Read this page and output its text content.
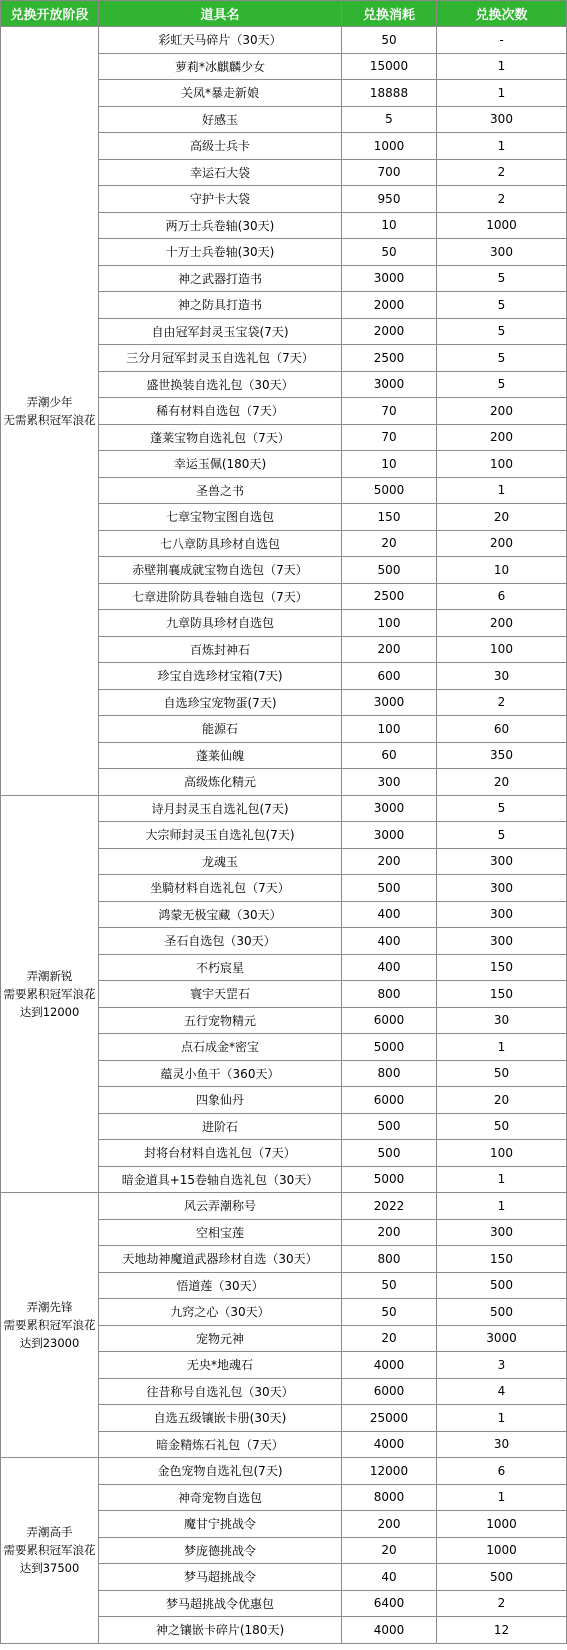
兑换开放阶段	道具名	兑换消耗	兑换次数

弄潮少年
无需累积冠军浪花	彩虹天马碎片（30天）	50	-
	萝莉*冰麒麟少女	15000	1
	关凤*暴走新娘	18888	1
	好感玉	5	300
	高级士兵卡	1000	1
	幸运石大袋	700	2
	守护卡大袋	950	2
	两万士兵卷轴(30天)	10	1000
	十万士兵卷轴(30天)	50	300
	神之武器打造书	3000	5
	神之防具打造书	2000	5
	自由冠军封灵玉宝袋(7天)	2000	5
	三分月冠军封灵玉自选礼包（7天）	2500	5
	盛世换装自选礼包（30天）	3000	5
	稀有材料自选包（7天）	70	200
	蓬莱宝物自选礼包（7天）	70	200
	幸运玉佩(180天)	10	100
	圣兽之书	5000	1
	七章宝物宝图自选包	150	20
	七八章防具珍材自选包	20	200
	赤壁荆襄成就宝物自选包（7天）	500	10
	七章进阶防具卷轴自选包（7天）	2500	6
	九章防具珍材自选包	100	200
	百炼封神石	200	100
	珍宝自选珍材宝箱(7天)	600	30
	自选珍宝宠物蛋(7天)	3000	2
	能源石	100	60
	蓬莱仙魄	60	350
	高级炼化精元	300	20

弄潮新锐
需要累积冠军浪花
达到12000	诗月封灵玉自选礼包(7天)	3000	5
	大宗师封灵玉自选礼包(7天)	3000	5
	龙魂玉	200	300
	坐騎材料自选礼包（7天）	500	300
	鸿蒙无极宝藏（30天）	400	300
	圣石自选包（30天）	400	300
	不朽宸星	400	150
	寰宇天罡石	800	150
	五行宠物精元	6000	30
	点石成金*密宝	5000	1
	蕴灵小鱼干（360天）	800	50
	四象仙丹	6000	20
	进阶石	500	50
	封将台材料自选礼包（7天）	500	100
	暗金道具+15卷轴自选礼包（30天）	5000	1

弄潮先锋
需要累积冠军浪花
达到23000	风云弄潮称号	2022	1
	空相宝莲	200	300
	天地劫神魔道武器珍材自选（30天）	800	150
	悟道莲（30天）	50	500
	九窍之心（30天）	50	500
	宠物元神	20	3000
	无央*地魂石	4000	3
	往昔称号自选礼包（30天）	6000	4
	自选五级镶嵌卡册(30天)	25000	1
	暗金精炼石礼包（7天）	4000	30

弄潮高手
需要累积冠军浪花
达到37500	金色宠物自选礼包(7天)	12000	6
	神奇宠物自选包	8000	1
	魔甘宁挑战令	200	1000
	梦庞德挑战令	20	1000
	梦马超挑战令	40	500
	梦马超挑战令优惠包	6400	2
	神之镶嵌卡碎片(180天)	4000	12
